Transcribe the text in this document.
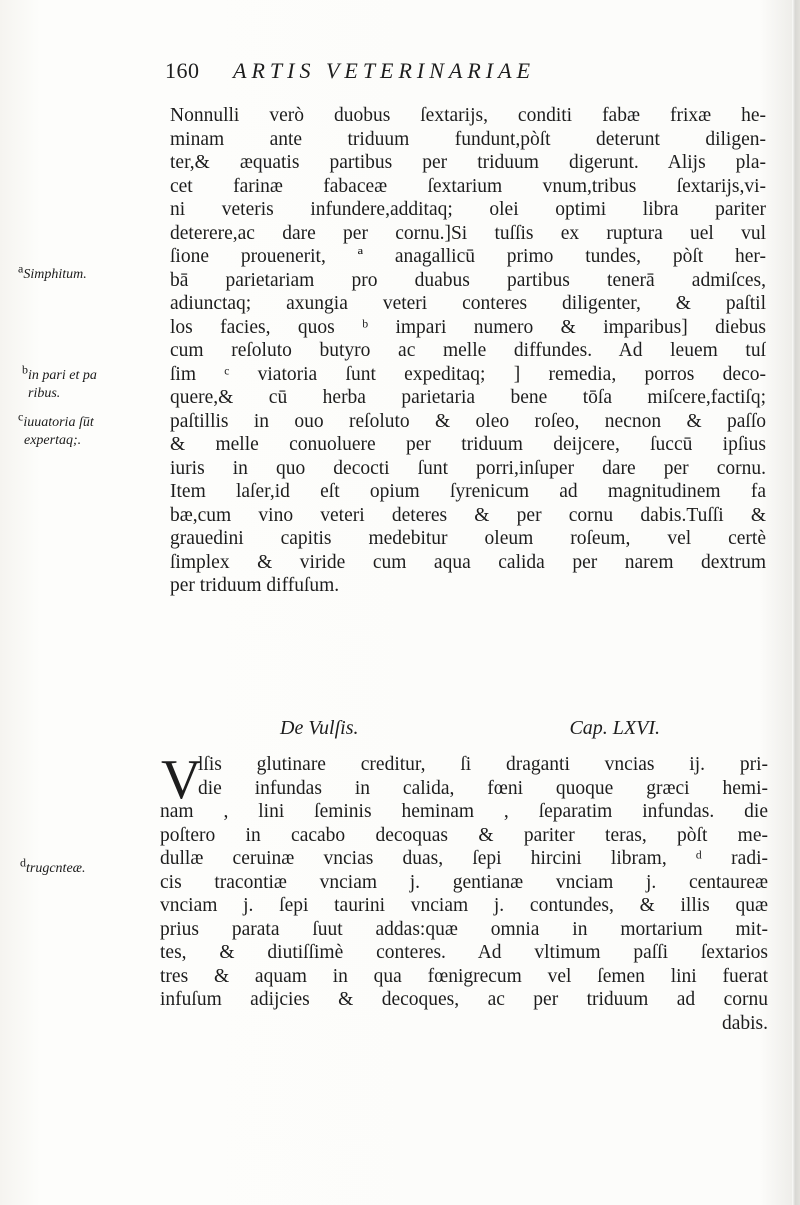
160 ARTIS VETERINARIAE
Nonnulli verò duobus ſextarijs, conditi fabæ frixæ he-
minam ante triduum fundunt,pòſt deterunt diligen-
ter,& æquatis partibus per triduum digerunt. Alijs pla-
cet farinæ fabaceæ ſextarium vnum,tribus ſextarijs,vi-
ni veteris infundere,additaq; olei optimi libra pariter
deterere,ac dare per cornu.]Si tuſſis ex ruptura uel vul
ſione prouenerit, ª anagallicū primo tundes, pòſt her-
bā parietariam pro duabus partibus tenerā admiſces,
adiunctaq; axungia veteri conteres diligenter, & paſtil
los facies, quos ᵇ impari numero & imparibus] diebus
cum reſoluto butyro ac melle diffundes. Ad leuem tuſ
ſim ᶜ viatoria ſunt expeditaq; ] remedia, porros deco-
quere,& cū herba parietaria bene tōſa miſcere,factiſq;
paſtillis in ouo reſoluto & oleo roſeo, necnon & paſſo
& melle conuoluere per triduum deijcere, ſuccū ipſius
iuris in quo decocti ſunt porri,inſuper dare per cornu.
Item laſer,id eſt opium ſyrenicum ad magnitudinem fa
bæ,cum vino veteri deteres & per cornu dabis.Tuſſi &
grauedini capitis medebitur oleum roſeum, vel certè
ſimplex & viride cum aqua calida per narem dextrum
per triduum diffuſum.
De Vulſis.	Cap. LXVI.
V
lſis glutinare creditur, ſi draganti vncias ij. pri-
die infundas in calida, fœni quoque græci hemi-
nam , lini ſeminis heminam , ſeparatim infundas. die
poſtero in cacabo decoquas & pariter teras, pòſt me-
dullæ ceruinæ vncias duas, ſepi hircini libram, ᵈ radi-
cis tracontiæ vnciam j. gentianæ vnciam j. centaureæ
vnciam j. ſepi taurini vnciam j. contundes, & illis quæ
prius parata ſuut addas:quæ omnia in mortarium mit-
tes, & diutiſſimè conteres. Ad vltimum paſſi ſextarios
tres & aquam in qua fœnigrecum vel ſemen lini fuerat
infuſum adijcies & decoques, ac per triduum ad cornu
dabis.
aSimphitum.
bin pari et pa
ribus.
ciuuatoria ſūt
expertaq;.
dtrugcnteæ.
